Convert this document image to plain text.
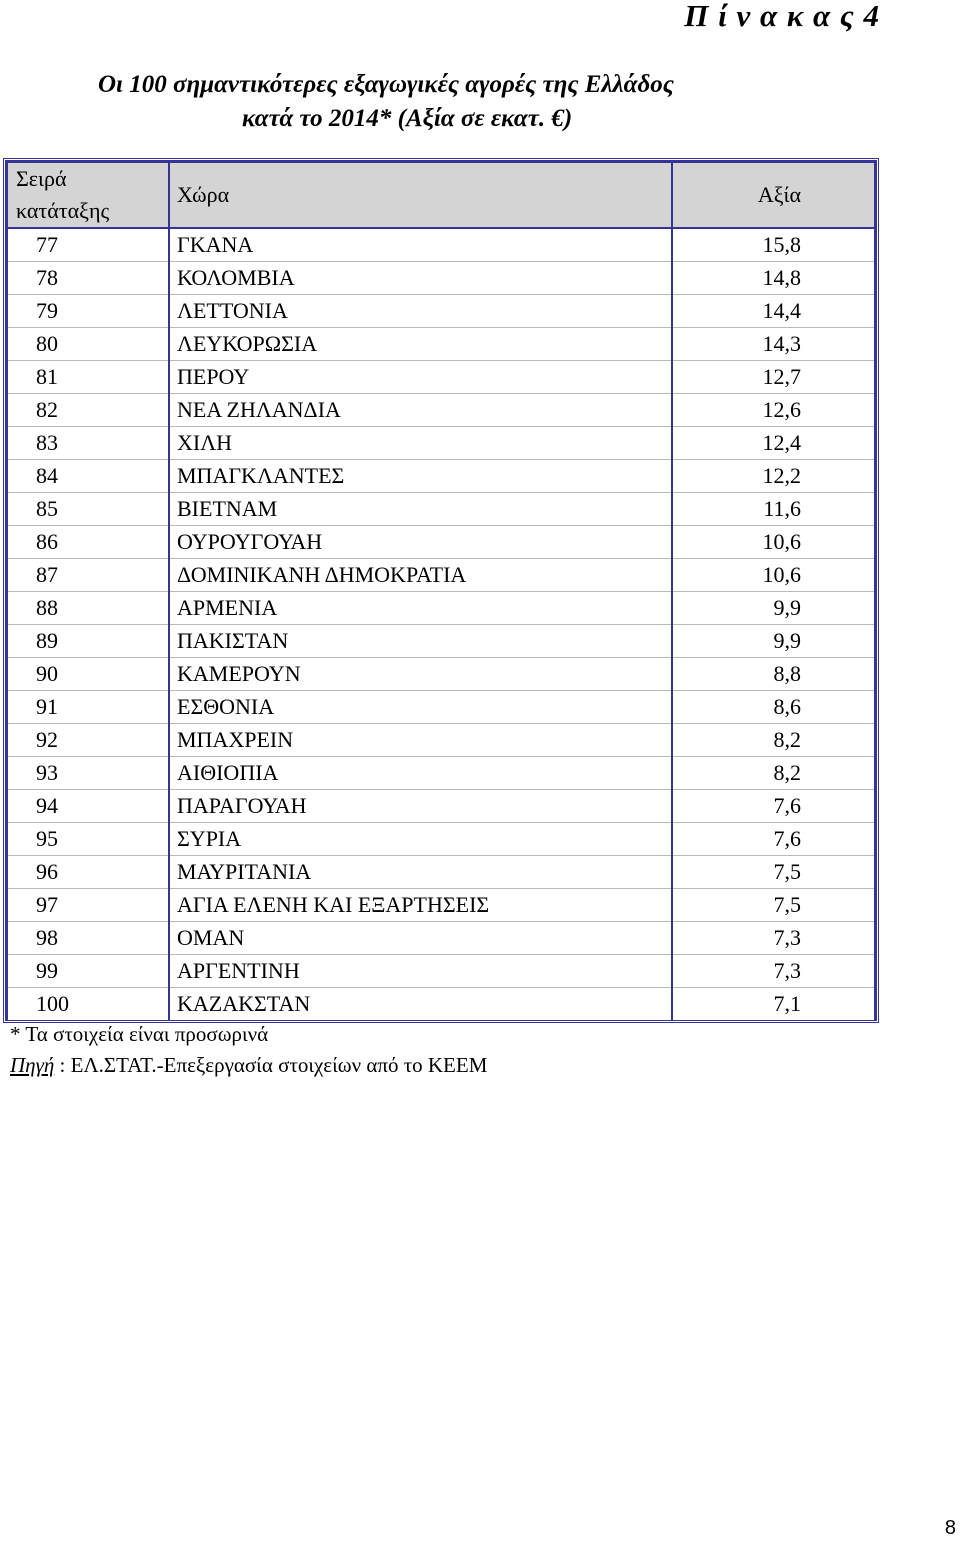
Π ί ν α κ α ς 4
Οι 100 σημαντικότερες εξαγωγικές αγορές της Ελλάδος
κατά το 2014* (Αξία σε εκατ. €)
Σειρά
κατάταξης	Χώρα	Αξία
77	ΓΚΑΝΑ	15,8
78	ΚΟΛΟΜΒΙΑ	14,8
79	ΛΕΤΤΟΝΙΑ	14,4
80	ΛΕΥΚΟΡΩΣΙΑ	14,3
81	ΠΕΡΟΥ	12,7
82	ΝΕΑ ΖΗΛΑΝΔΙΑ	12,6
83	ΧΙΛΗ	12,4
84	ΜΠΑΓΚΛΑΝΤΕΣ	12,2
85	ΒΙΕΤΝΑΜ	11,6
86	ΟΥΡΟΥΓΟΥΑΗ	10,6
87	ΔΟΜΙΝΙΚΑΝΗ ΔΗΜΟΚΡΑΤΙΑ	10,6
88	ΑΡΜΕΝΙΑ	9,9
89	ΠΑΚΙΣΤΑΝ	9,9
90	ΚΑΜΕΡΟΥΝ	8,8
91	ΕΣΘΟΝΙΑ	8,6
92	ΜΠΑΧΡΕΙΝ	8,2
93	ΑΙΘΙΟΠΙΑ	8,2
94	ΠΑΡΑΓΟΥΑΗ	7,6
95	ΣΥΡΙΑ	7,6
96	ΜΑΥΡΙΤΑΝΙΑ	7,5
97	ΑΓΙΑ ΕΛΕΝΗ ΚΑΙ ΕΞΑΡΤΗΣΕΙΣ	7,5
98	ΟΜΑΝ	7,3
99	ΑΡΓΕΝΤΙΝΗ	7,3
100	ΚΑΖΑΚΣΤΑΝ	7,1
* Τα στοιχεία είναι προσωρινά
Πηγή : ΕΛ.ΣΤΑΤ.-Επεξεργασία στοιχείων από το ΚΕΕΜ
8
